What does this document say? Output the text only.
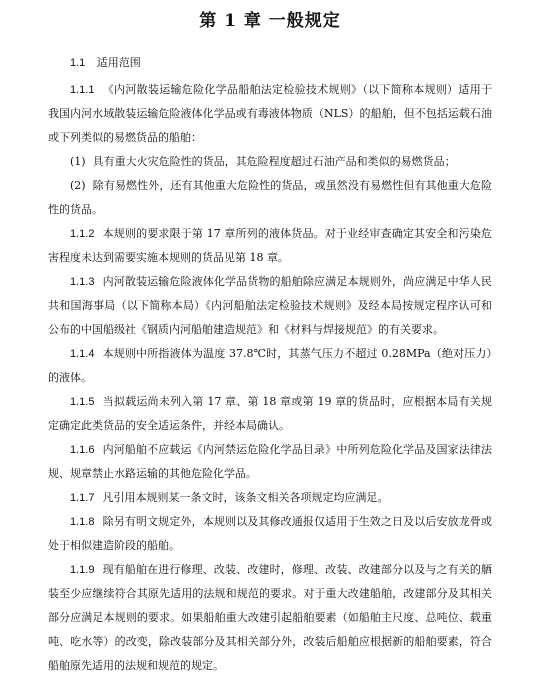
第 1 章 一般规定
1.1 适用范围

1.1.1 《内河散装运输危险化学品船舶法定检验技术规则》（以下简称本规则）适用于我国内河水域散装运输危险液体化学品或有毒液体物质（NLS）的船舶，但不包括运载石油或下列类似的易燃货品的船舶：

(1) 具有重大火灾危险性的货品，其危险程度超过石油产品和类似的易燃货品；

(2) 除有易燃性外，还有其他重大危险性的货品，或虽然没有易燃性但有其他重大危险性的货品。

1.1.2 本规则的要求限于第 17 章所列的液体货品。对于业经审查确定其安全和污染危害程度未达到需要实施本规则的货品见第 18 章。

1.1.3 内河散装运输危险液体化学品货物的船舶除应满足本规则外，尚应满足中华人民共和国海事局（以下简称本局）《内河船舶法定检验技术规则》及经本局按规定程序认可和公布的中国船级社《钢质内河船舶建造规范》和《材料与焊接规范》的有关要求。

1.1.4 本规则中所指液体为温度 37.8℃时，其蒸气压力不超过 0.28MPa（绝对压力）的液体。

1.1.5 当拟载运尚未列入第 17 章、第 18 章或第 19 章的货品时，应根据本局有关规定确定此类货品的安全适运条件，并经本局确认。

1.1.6 内河船舶不应载运《内河禁运危险化学品目录》中所列危险化学品及国家法律法规、规章禁止水路运输的其他危险化学品。

1.1.7 凡引用本规则某一条文时，该条文相关各项规定均应满足。

1.1.8 除另有明文规定外，本规则以及其修改通报仅适用于生效之日及以后安放龙骨或处于相似建造阶段的船舶。

1.1.9 现有船舶在进行修理、改装、改建时，修理、改装、改建部分以及与之有关的舾装至少应继续符合其原先适用的法规和规范的要求。对于重大改建船舶，改建部分及其相关部分应满足本规则的要求。如果船舶重大改建引起船舶要素（如船舶主尺度、总吨位、载重吨、吃水等）的改变，除改装部分及其相关部分外，改装后船舶应根据新的船舶要素，符合船舶原先适用的法规和规范的规定。
